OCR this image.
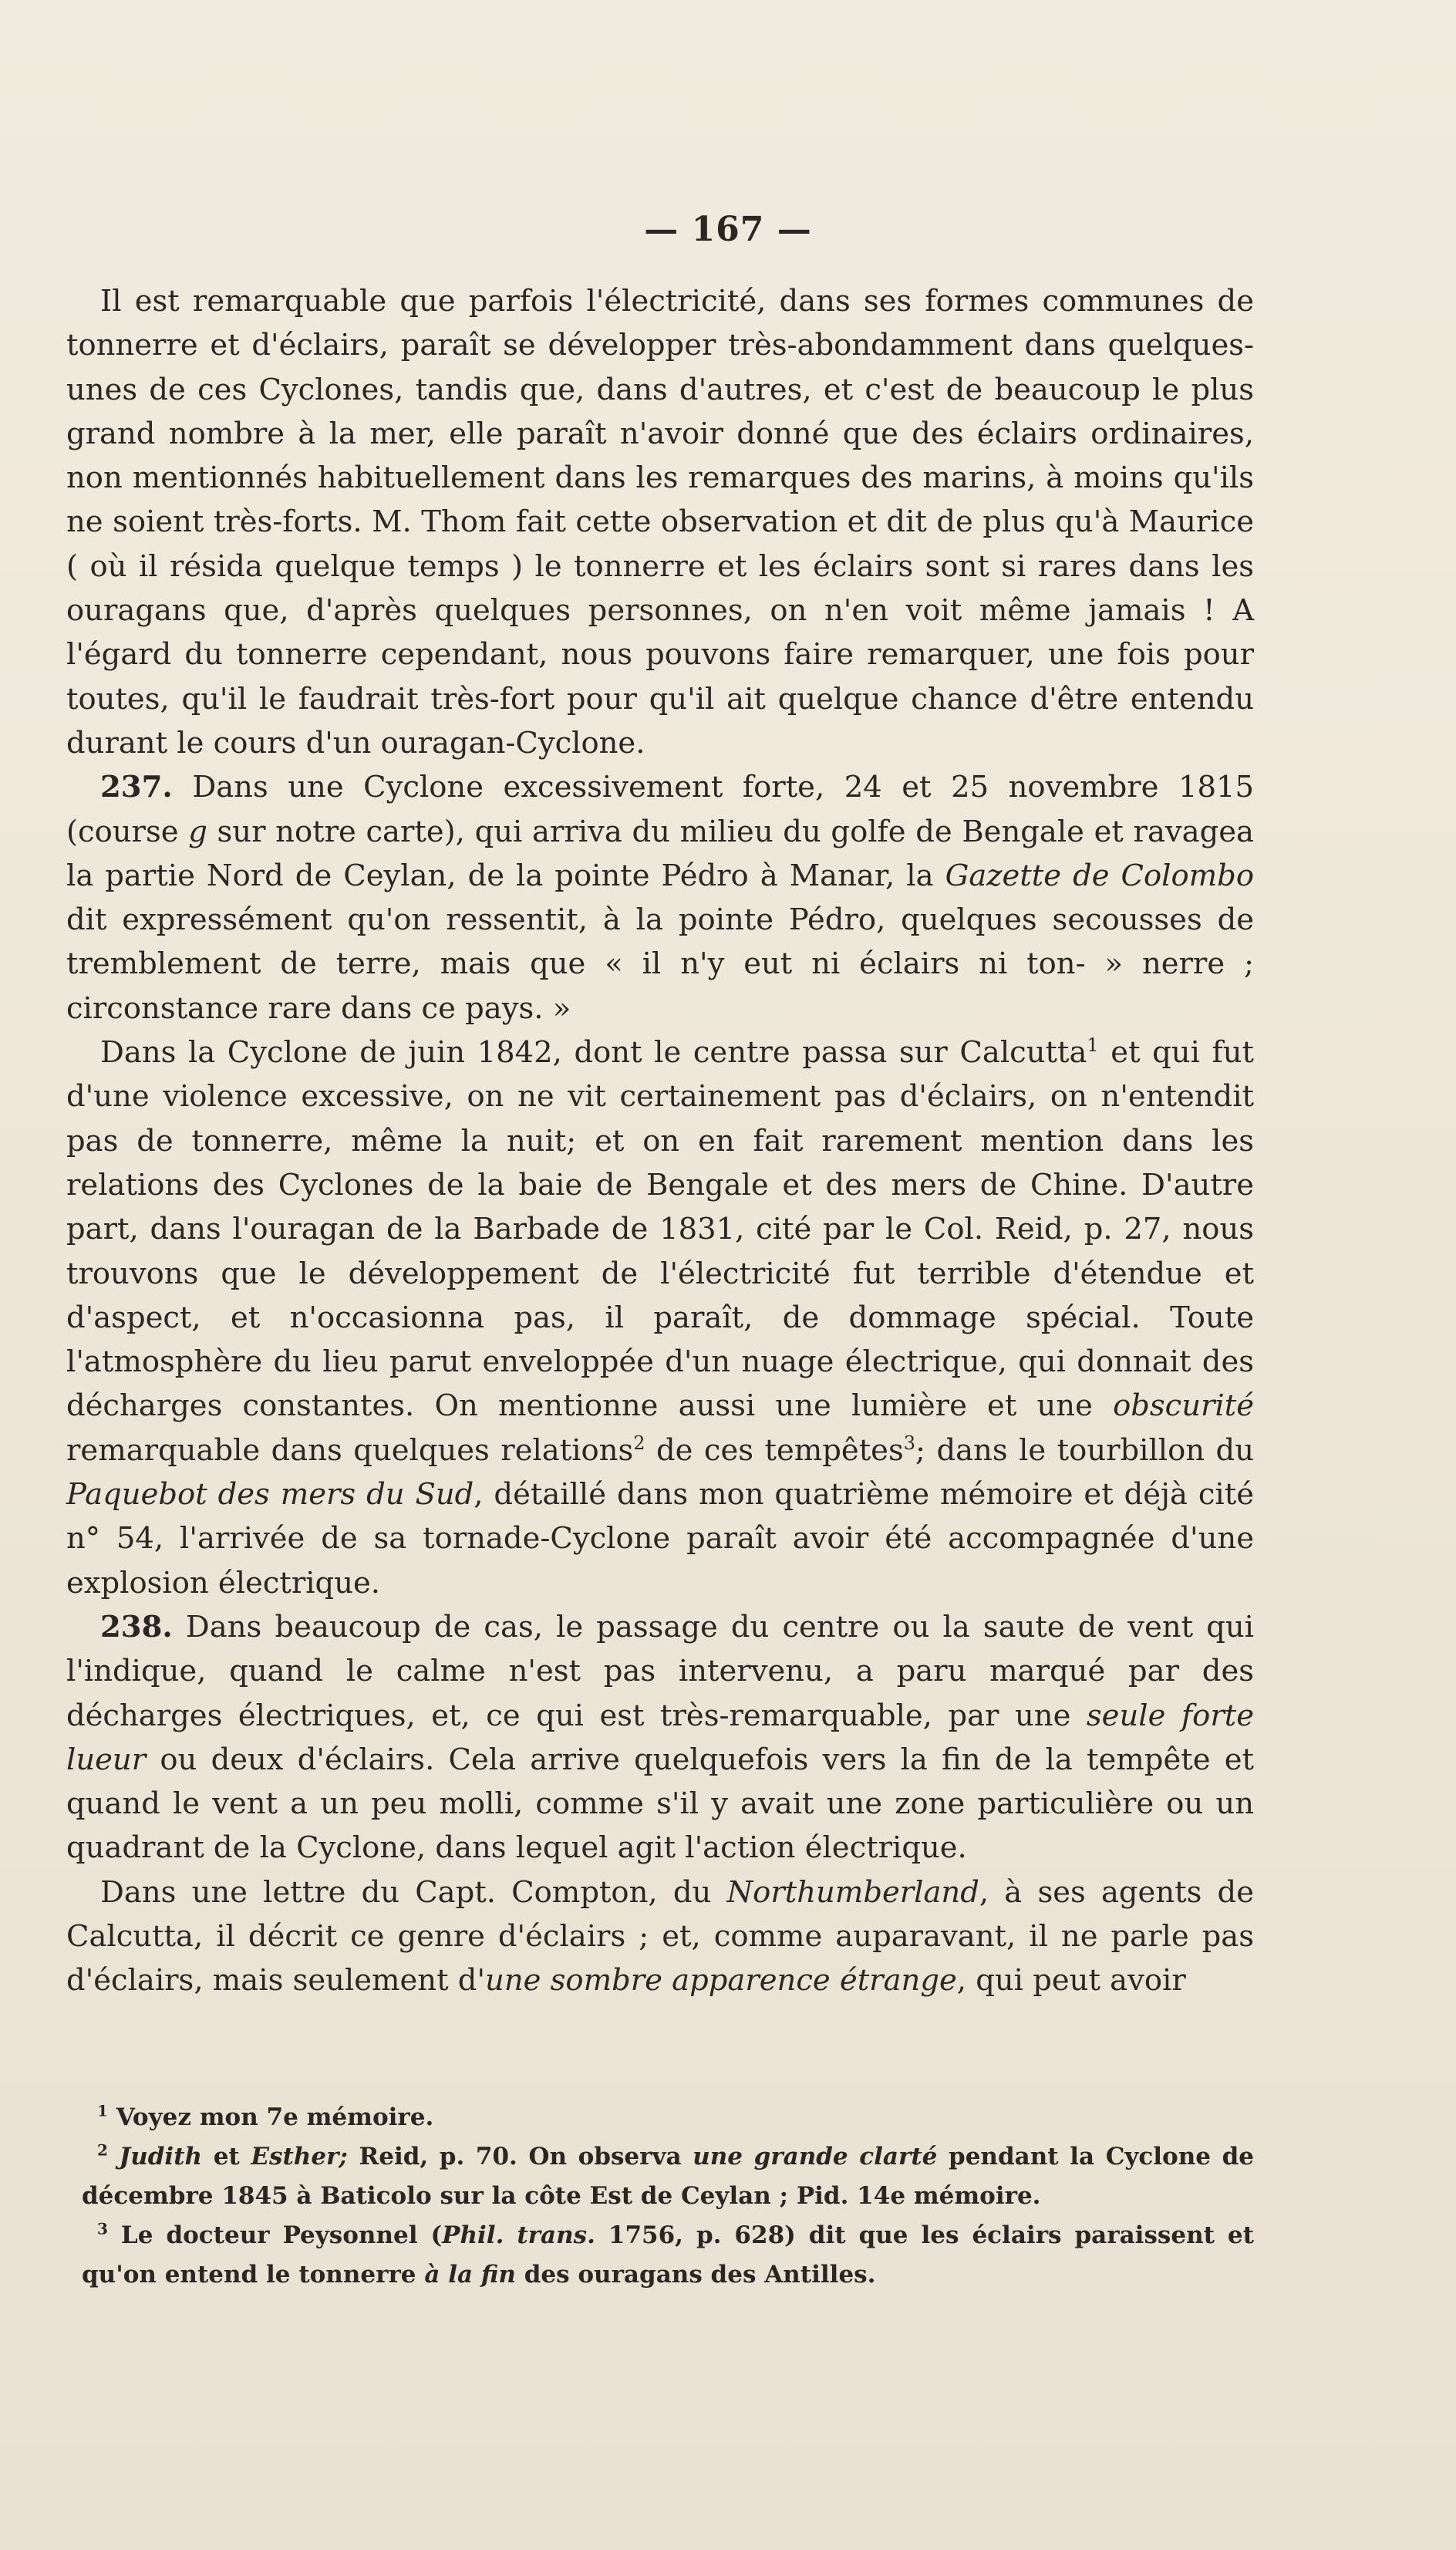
— 167 —

Il est remarquable que parfois l'électricité, dans ses formes communes de tonnerre et d'éclairs, paraît se développer très-abondamment dans quelques-unes de ces Cyclones, tandis que, dans d'autres, et c'est de beaucoup le plus grand nombre à la mer, elle paraît n'avoir donné que des éclairs ordinaires, non mentionnés habituellement dans les remarques des marins, à moins qu'ils ne soient très-forts. M. Thom fait cette observation et dit de plus qu'à Maurice ( où il résida quelque temps ) le tonnerre et les éclairs sont si rares dans les ouragans que, d'après quelques personnes, on n'en voit même jamais ! A l'égard du tonnerre cependant, nous pouvons faire remarquer, une fois pour toutes, qu'il le faudrait très-fort pour qu'il ait quelque chance d'être entendu durant le cours d'un ouragan-Cyclone.

237. Dans une Cyclone excessivement forte, 24 et 25 novembre 1815 (course g sur notre carte), qui arriva du milieu du golfe de Bengale et ravagea la partie Nord de Ceylan, de la pointe Pédro à Manar, la Gazette de Colombo dit expressément qu'on ressentit, à la pointe Pédro, quelques secousses de tremblement de terre, mais que « il n'y eut ni éclairs ni ton- » nerre ; circonstance rare dans ce pays. »

Dans la Cyclone de juin 1842, dont le centre passa sur Calcutta$^1$ et qui fut d'une violence excessive, on ne vit certainement pas d'éclairs, on n'entendit pas de tonnerre, même la nuit; et on en fait rarement mention dans les relations des Cyclones de la baie de Bengale et des mers de Chine. D'autre part, dans l'ouragan de la Barbade de 1831, cité par le Col. Reid, p. 27, nous trouvons que le développement de l'électricité fut terrible d'étendue et d'aspect, et n'occasionna pas, il paraît, de dommage spécial. Toute l'atmosphère du lieu parut enveloppée d'un nuage électrique, qui donnait des décharges constantes. On mentionne aussi une lumière et une obscurité remarquable dans quelques relations$^2$ de ces tempêtes$^3$; dans le tourbillon du Paquebot des mers du Sud, détaillé dans mon quatrième mémoire et déjà cité n° 54, l'arrivée de sa tornade-Cyclone paraît avoir été accompagnée d'une explosion électrique.

238. Dans beaucoup de cas, le passage du centre ou la saute de vent qui l'indique, quand le calme n'est pas intervenu, a paru marqué par des décharges électriques, et, ce qui est très-remarquable, par une seule forte lueur ou deux d'éclairs. Cela arrive quelquefois vers la fin de la tempête et quand le vent a un peu molli, comme s'il y avait une zone particulière ou un quadrant de la Cyclone, dans lequel agit l'action électrique.

Dans une lettre du Capt. Compton, du Northumberland, à ses agents de Calcutta, il décrit ce genre d'éclairs ; et, comme auparavant, il ne parle pas d'éclairs, mais seulement d'une sombre apparence étrange, qui peut avoir

$^1$ Voyez mon 7e mémoire.

$^2$ Judith et Esther; Reid, p. 70. On observa une grande clarté pendant la Cyclone de décembre 1845 à Baticolo sur la côte Est de Ceylan ; Pid. 14e mémoire.

$^3$ Le docteur Peysonnel (Phil. trans. 1756, p. 628) dit que les éclairs paraissent et qu'on entend le tonnerre à la fin des ouragans des Antilles.
